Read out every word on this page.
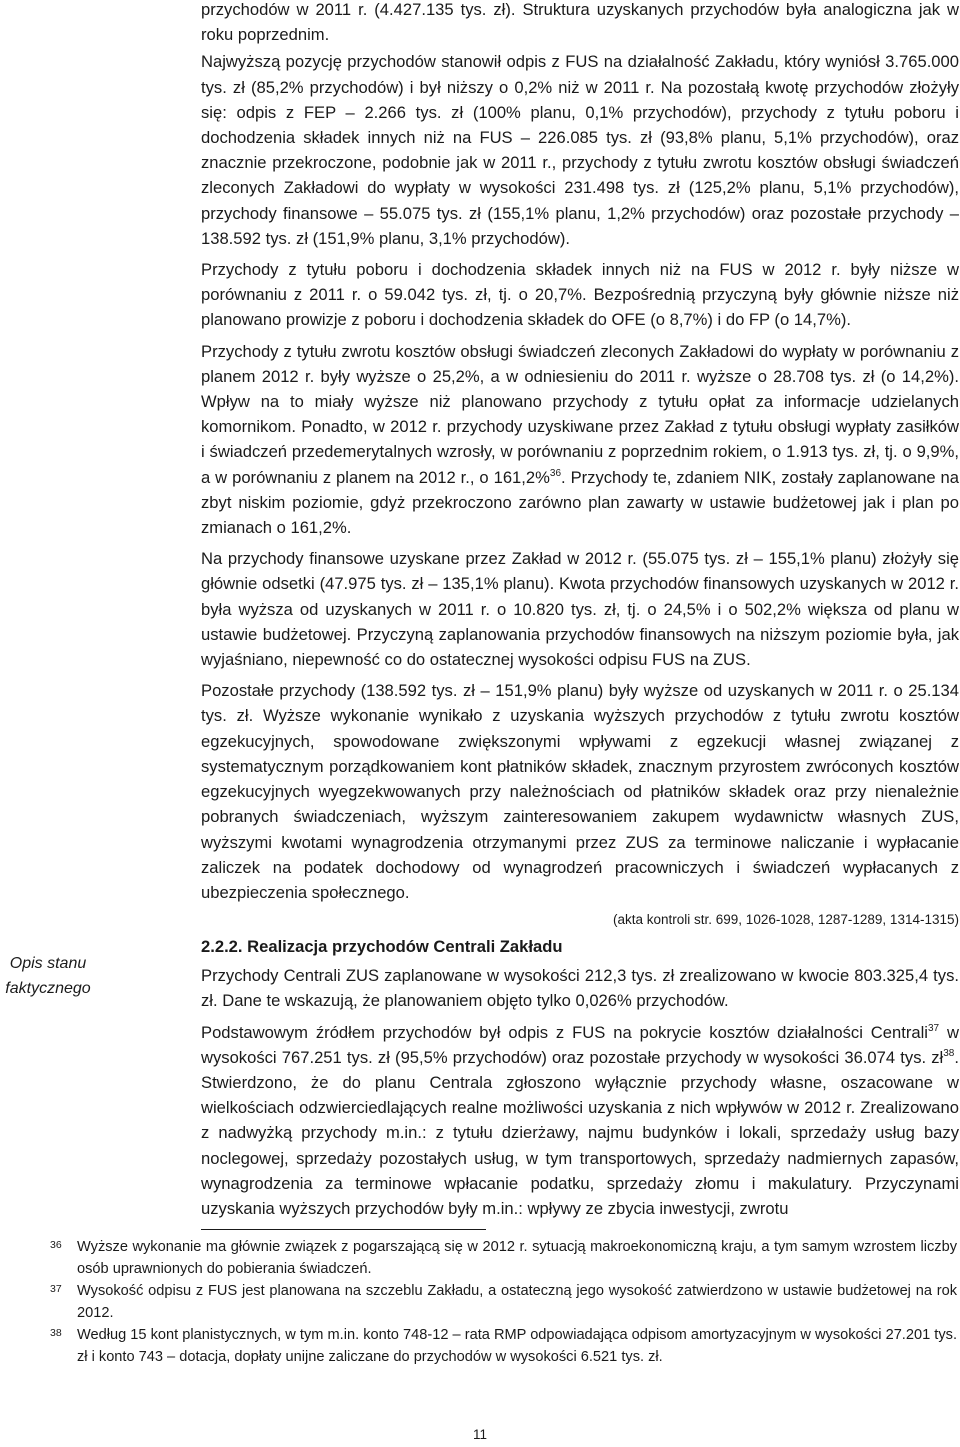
Opis stanu
faktycznego

przychodów w 2011 r. (4.427.135 tys. zł). Struktura uzyskanych przychodów była analogiczna jak w roku poprzednim.

Najwyższą pozycję przychodów stanowił odpis z FUS na działalność Zakładu, który wyniósł 3.765.000 tys. zł (85,2% przychodów) i był niższy o 0,2% niż w 2011 r. Na pozostałą kwotę przychodów złożyły się: odpis z FEP – 2.266 tys. zł (100% planu, 0,1% przychodów), przychody z tytułu poboru i dochodzenia składek innych niż na FUS – 226.085 tys. zł (93,8% planu, 5,1% przychodów), oraz znacznie przekroczone, podobnie jak w 2011 r., przychody z tytułu zwrotu kosztów obsługi świadczeń zleconych Zakładowi do wypłaty w wysokości 231.498 tys. zł (125,2% planu, 5,1% przychodów), przychody finansowe – 55.075 tys. zł (155,1% planu, 1,2% przychodów) oraz pozostałe przychody – 138.592 tys. zł (151,9% planu, 3,1% przychodów).

Przychody z tytułu poboru i dochodzenia składek innych niż na FUS w 2012 r. były niższe w porównaniu z 2011 r. o 59.042 tys. zł, tj. o 20,7%. Bezpośrednią przyczyną były głównie niższe niż planowano prowizje z poboru i dochodzenia składek do OFE (o 8,7%) i do FP (o 14,7%).

Przychody z tytułu zwrotu kosztów obsługi świadczeń zleconych Zakładowi do wypłaty w porównaniu z planem 2012 r. były wyższe o 25,2%, a w odniesieniu do 2011 r. wyższe o 28.708 tys. zł (o 14,2%). Wpływ na to miały wyższe niż planowano przychody z tytułu opłat za informacje udzielanych komornikom. Ponadto, w 2012 r. przychody uzyskiwane przez Zakład z tytułu obsługi wypłaty zasiłków i świadczeń przedemerytalnych wzrosły, w porównaniu z poprzednim rokiem, o 1.913 tys. zł, tj. o 9,9%, a w porównaniu z planem na 2012 r., o 161,2%$^{36}$. Przychody te, zdaniem NIK, zostały zaplanowane na zbyt niskim poziomie, gdyż przekroczono zarówno plan zawarty w ustawie budżetowej jak i plan po zmianach o 161,2%.

Na przychody finansowe uzyskane przez Zakład w 2012 r. (55.075 tys. zł – 155,1% planu) złożyły się głównie odsetki (47.975 tys. zł – 135,1% planu). Kwota przychodów finansowych uzyskanych w 2012 r. była wyższa od uzyskanych w 2011 r. o 10.820 tys. zł, tj. o 24,5% i o 502,2% większa od planu w ustawie budżetowej. Przyczyną zaplanowania przychodów finansowych na niższym poziomie była, jak wyjaśniano, niepewność co do ostatecznej wysokości odpisu FUS na ZUS.

Pozostałe przychody (138.592 tys. zł – 151,9% planu) były wyższe od uzyskanych w 2011 r. o 25.134 tys. zł. Wyższe wykonanie wynikało z uzyskania wyższych przychodów z tytułu zwrotu kosztów egzekucyjnych, spowodowane zwiększonymi wpływami z egzekucji własnej związanej z systematycznym porządkowaniem kont płatników składek, znacznym przyrostem zwróconych kosztów egzekucyjnych wyegzekwowanych przy należnościach od płatników składek oraz przy nienależnie pobranych świadczeniach, wyższym zainteresowaniem zakupem wydawnictw własnych ZUS, wyższymi kwotami wynagrodzenia otrzymanymi przez ZUS za terminowe naliczanie i wypłacanie zaliczek na podatek dochodowy od wynagrodzeń pracowniczych i świadczeń wypłacanych z ubezpieczenia społecznego.

(akta kontroli str. 699, 1026-1028, 1287-1289, 1314-1315)
2.2.2. Realizacja przychodów Centrali Zakładu

Przychody Centrali ZUS zaplanowane w wysokości 212,3 tys. zł zrealizowano w kwocie 803.325,4 tys. zł. Dane te wskazują, że planowaniem objęto tylko 0,026% przychodów.

Podstawowym źródłem przychodów był odpis z FUS na pokrycie kosztów działalności Centrali$^{37}$ w wysokości 767.251 tys. zł (95,5% przychodów) oraz pozostałe przychody w wysokości 36.074 tys. $zł^{38}$. Stwierdzono, że do planu Centrala zgłoszono wyłącznie przychody własne, oszacowane w wielkościach odzwierciedlających realne możliwości uzyskania z nich wpływów w 2012 r. Zrealizowano z nadwyżką przychody m.in.: z tytułu dzierżawy, najmu budynków i lokali, sprzedaży usług bazy noclegowej, sprzedaży pozostałych usług, w tym transportowych, sprzedaży nadmiernych zapasów, wynagrodzenia za terminowe wpłacanie podatku, sprzedaży złomu i makulatury. Przyczynami uzyskania wyższych przychodów były m.in.: wpływy ze zbycia inwestycji, zwrotu

36 Wyższe wykonanie ma głównie związek z pogarszającą się w 2012 r. sytuacją makroekonomiczną kraju, a tym samym wzrostem liczby osób uprawnionych do pobierania świadczeń.
37 Wysokość odpisu z FUS jest planowana na szczeblu Zakładu, a ostateczną jego wysokość zatwierdzono w ustawie budżetowej na rok 2012.
38 Według 15 kont planistycznych, w tym m.in. konto 748-12 – rata RMP odpowiadająca odpisom amortyzacyjnym w wysokości 27.201 tys. zł i konto 743 – dotacja, dopłaty unijne zaliczane do przychodów w wysokości 6.521 tys. zł.
11
